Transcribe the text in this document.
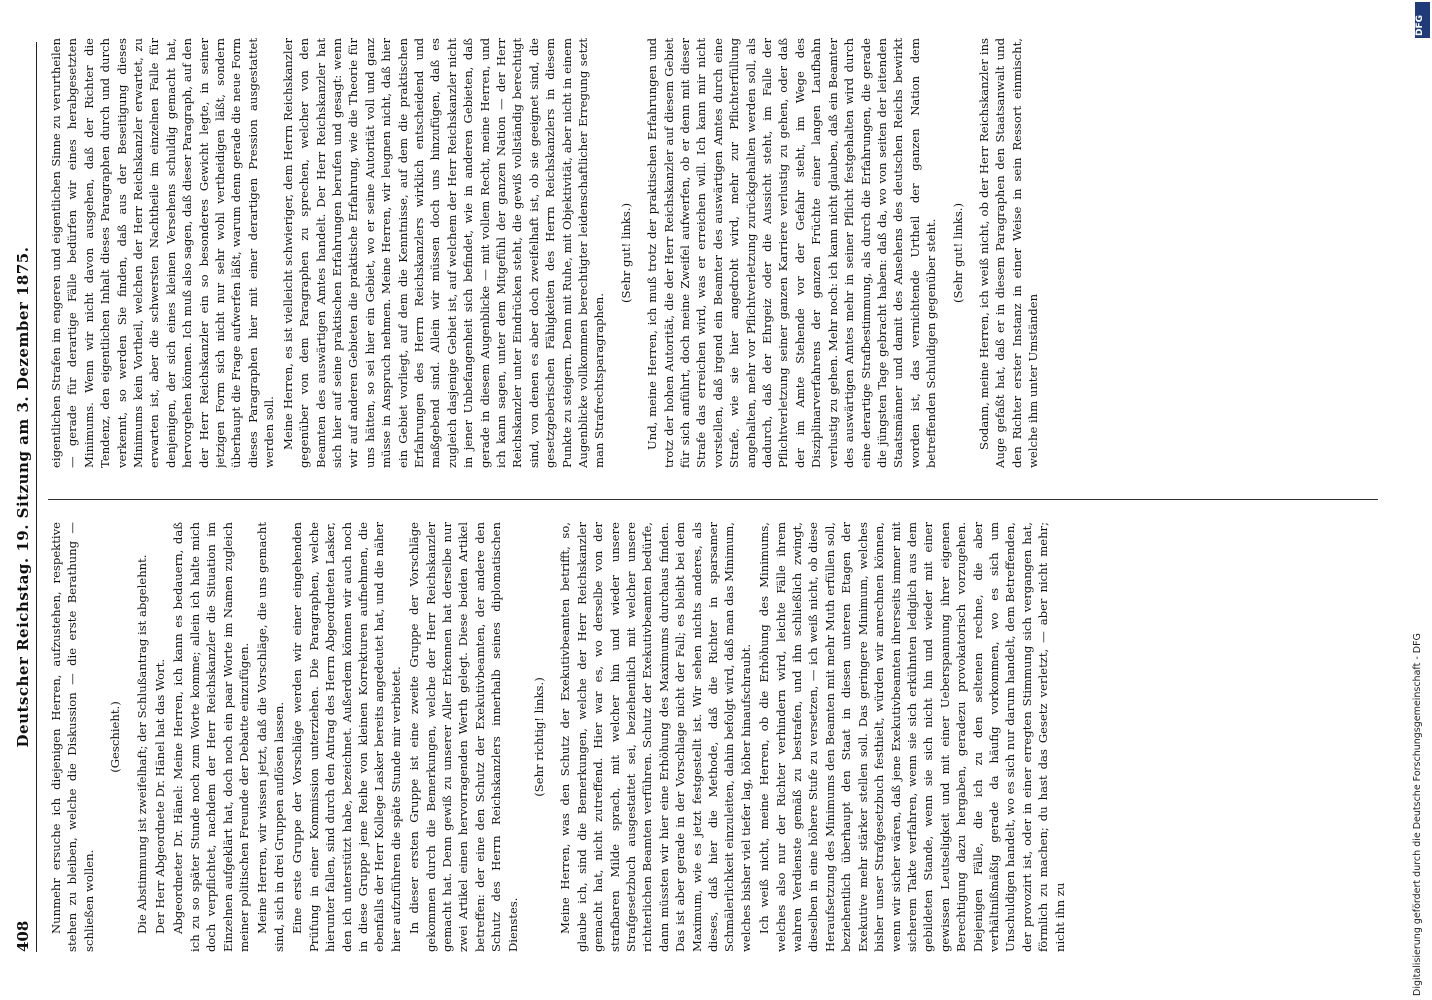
408
Deutscher Reichstag. 19. Sitzung am 3. Dezember 1875. Nunmehr ersuche ich diejenigen Herren, aufzustehen, respektive stehen zu bleiben, welche die Diskussion — die erste Berathung — schließen wollen.

(Geschieht.) Die Abstimmung ist zweifelhaft; der Schlußantrag ist abgelehnt. Der Herr Abgeordnete Dr. Hänel hat das Wort. Abgeordneter Dr. Hänel: Meine Herren, ich kann es bedauern, daß ich zu so später Stunde noch zum Worte komme; allein ich halte mich doch verpflichtet, nachdem der Herr Reichskanzler die Situation im Einzelnen aufgeklärt hat, doch noch ein paar Worte im Namen zugleich meiner politischen Freunde der Debatte einzufügen. Meine Herren, wir wissen jetzt, daß die Vorschläge, die uns gemacht sind, sich in drei Gruppen auflösen lassen. Eine erste Gruppe der Vorschläge werden wir einer eingehenden Prüfung in einer Kommission unterziehen. Die Paragraphen, welche hierunter fallen, sind durch den Antrag des Herrn Abgeordneten Lasker, den ich unterstützt habe, bezeichnet. Außerdem können wir auch noch in diese Gruppe jene Reihe von kleinen Korrekturen aufnehmen, die ebenfalls der Herr Kollege Lasker bereits angedeutet hat, und die näher hier aufzuführen die späte Stunde mir verbietet. In dieser ersten Gruppe ist eine zweite Gruppe der Vorschläge gekommen durch die Bemerkungen, welche der Herr Reichskanzler gemacht hat. Denn gewiß zu unserer Aller Erkennen hat derselbe nur zwei Artikel einen hervorragenden Werth gelegt. Diese beiden Artikel betreffen: der eine den Schutz der Exekutivbeamten, der andere den Schutz des Herrn Reichskanzlers innerhalb seines diplomatischen Dienstes.

(Sehr richtig! links.) Meine Herren, was den Schutz der Exekutivbeamten betrifft, so, glaube ich, sind die Bemerkungen, welche der Herr Reichskanzler gemacht hat, nicht zutreffend. Hier war es, wo derselbe von der strafbaren Milde sprach, mit welcher hin und wieder unsere Strafgesetzbuch ausgestattet sei, beziehentlich mit welcher unsere richterlichen Beamten verführen. Schutz der Exekutivbeamten bedürfe, dann müssten wir hier eine Erhöhung des Maximums durchaus finden. Das ist aber gerade in der Vorschlage nicht der Fall; es bleibt bei dem Maximum, wie es jetzt festgestellt ist. Wir sehen nichts anderes, als dieses, daß hier die Methode, daß die Richter in sparsamer Schmälerlichkeit einzuleiten, dahin befolgt wird, daß man das Minimum, welches bisher viel tiefer lag, höher hinaufschraubt. Ich weiß nicht, meine Herren, ob die Erhöhung des Minimums, welches also nur der Richter verhindern wird, leichte Fälle ihrem wahren Verdienste gemäß zu bestrafen, und ihn schließlich zwingt, dieselben in eine höhere Stufe zu versetzen, — ich weiß nicht, ob diese Heraufsetzung des Minimums den Beamten mit mehr Muth erfüllen soll, beziehentlich überhaupt den Staat in diesen unteren Etagen der Exekutive mehr stärker stellen soll. Das geringere Minimum, welches bisher unser Strafgesetzbuch festhielt, würden wir anrechnen können, wenn wir sicher wären, daß jene Exekutivbeamten ihrerseits immer mit sicherem Takte verfahren, wenn sie sich erkühnten lediglich aus dem gebildeten Stande, wenn sie sich nicht hin und wieder mit einer gewissen Leutseligkeit und mit einer Ueberspannung ihrer eigenen Berechtigung dazu hergaben, geradezu provokatorisch vorzugehen. Diejenigen Fälle, die ich zu den seltenen rechne, die aber verhältnißmäßig gerade da häufig vorkommen, wo es sich um Unschuldigen handelt, wo es sich nur darum handelt, dem Betreffenden, der provozirt ist, oder in einer erregten Stimmung sich vergangen hat, förmlich zu machen; du hast das Gesetz verletzt, — aber nicht mehr; nicht ihn zu

eigentlichen Strafen im engeren und eigentlichen Sinne zu verurtheilen — gerade für derartige Fälle bedürfen wir eines herabgesetzten Minimums. Wenn wir nicht davon ausgehen, daß der Richter die Tendenz, den eigentlichen Inhalt dieses Paragraphen durch und durch verkennt, so werden Sie finden, daß aus der Beseitigung dieses Minimums kein Vortheil, welchen der Herr Reichskanzler erwartet, zu erwarten ist, aber die schwersten Nachtheile im einzelnen Falle für denjenigen, der sich eines kleinen Versehens schuldig gemacht hat, hervorgehen können. Ich muß also sagen, daß dieser Paragraph, auf den der Herr Reichskanzler ein so besonderes Gewicht legte, in seiner jetzigen Form sich nicht nur sehr wohl vertheidigen läßt, sondern überhaupt die Frage aufwerfen läßt, warum denn gerade die neue Form dieses Paragraphen hier mit einer derartigen Pression ausgestattet werden soll. Meine Herren, es ist vielleicht schwieriger, dem Herrn Reichskanzler gegenüber von dem Paragraphen zu sprechen, welcher von den Beamten des auswärtigen Amtes handelt. Der Herr Reichskanzler hat sich hier auf seine praktischen Erfahrungen berufen und gesagt: wenn wir auf anderen Gebieten die praktische Erfahrung, wie die Theorie für uns hätten, so sei hier ein Gebiet, wo er seine Autorität voll und ganz müsse in Anspruch nehmen. Meine Herren, wir leugnen nicht, daß hier ein Gebiet vorliegt, auf dem die Kenntnisse, auf dem die praktischen Erfahrungen des Herrn Reichskanzlers wirklich entscheidend und maßgebend sind. Allein wir müssen doch uns hinzufügen, daß es zugleich dasjenige Gebiet ist, auf welchem der Herr Reichskanzler nicht in jener Unbefangenheit sich befindet, wie in anderen Gebieten, daß gerade in diesem Augenblicke — mit vollem Recht, meine Herren, und ich kann sagen, unter dem Mitgefühl der ganzen Nation — der Herr Reichskanzler unter Eindrücken steht, die gewiß vollständig berechtigt sind, von denen es aber doch zweifelhaft ist, ob sie geeignet sind, die gesetzgeberischen Fähigkeiten des Herrn Reichskanzlers in diesem Punkte zu steigern. Denn mit Ruhe, mit Objektivität, aber nicht in einem Augenblicke vollkommen berechtigter leidenschaftlicher Erregung setzt man Strafrechtsparagraphen.

(Sehr gut! links.) Und, meine Herren, ich muß trotz der praktischen Erfahrungen und trotz der hohen Autorität, die der Herr Reichskanzler auf diesem Gebiet für sich anführt, doch meine Zweifel aufwerfen, ob er denn mit dieser Strafe das erreichen wird, was er erreichen will. Ich kann mir nicht vorstellen, daß irgend ein Beamter des auswärtigen Amtes durch eine Strafe, wie sie hier angedroht wird, mehr zur Pflichterfüllung angehalten, mehr vor Pflichtverletzung zurückgehalten werden soll, als dadurch, daß der Ehrgeiz oder die Aussicht steht, im Falle der Pflichtverletzung seiner ganzen Karriere verlustig zu gehen, oder daß der im Amte Stehende vor der Gefahr steht, im Wege des Disziplinarverfahrens der ganzen Früchte einer langen Laufbahn verlustig zu gehen. Mehr noch: ich kann nicht glauben, daß ein Beamter des auswärtigen Amtes mehr in seiner Pflicht festgehalten wird durch eine derartige Strafbestimmung, als durch die Erfahrungen, die gerade die jüngsten Tage gebracht haben: daß da, wo von seiten der leitenden Staatsmänner und damit des Ansehens des deutschen Reichs bewirkt worden ist, das vernichtende Urtheil der ganzen Nation dem betreffenden Schuldigen gegenüber steht. (Sehr gut! links.) Sodann, meine Herren, ich weiß nicht, ob der Herr Reichskanzler ins Auge gefaßt hat, daß er in diesem Paragraphen den Staatsanwalt und den Richter erster Instanz in einer Weise in sein Ressort einmischt, welche ihm unter Umständen

Digitalisierung gefördert durch die Deutsche Forschungsgemeinschaft - DFG
DFG
